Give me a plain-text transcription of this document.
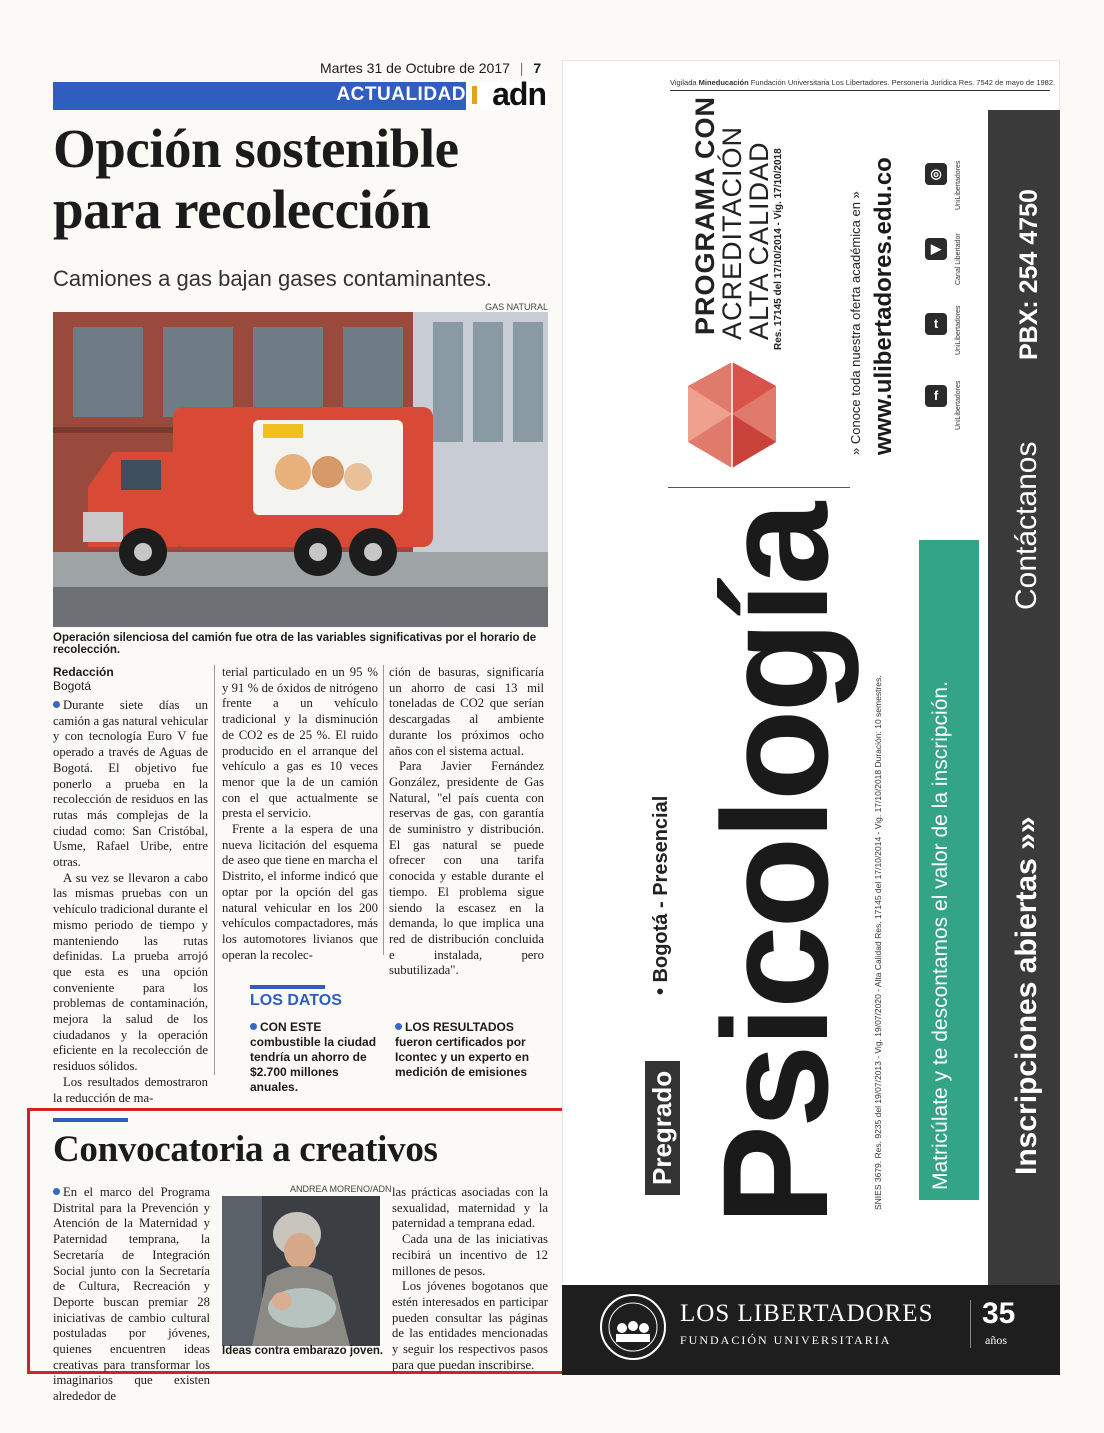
Martes 31 de Octubre de 2017 | 7
ACTUALIDAD adn
Opción sostenible
para recolección
Camiones a gas bajan gases contaminantes.
GAS NATURAL
Operación silenciosa del camión fue otra de las variables significativas por el horario de recolección.
Redacción
Bogotá

Durante siete días un camión a gas natural vehicular y con tecnología Euro V fue operado a través de Aguas de Bogotá. El objetivo fue ponerlo a prueba en la recolección de residuos en las rutas más complejas de la ciudad como: San Cristóbal, Usme, Rafael Uribe, entre otras.

A su vez se llevaron a cabo las mismas pruebas con un vehículo tradicional durante el mismo periodo de tiempo y manteniendo las rutas definidas. La prueba arrojó que esta es una opción conveniente para los problemas de contaminación, mejora la salud de los ciudadanos y la operación eficiente en la recolección de residuos sólidos.

Los resultados demostraron la reducción de ma-

terial particulado en un 95 % y 91 % de óxidos de nitrógeno frente a un vehículo tradicional y la disminución de CO2 es de 25 %. El ruido producido en el arranque del vehículo a gas es 10 veces menor que la de un camión con el que actualmente se presta el servicio.

Frente a la espera de una nueva licitación del esquema de aseo que tiene en marcha el Distrito, el informe indicó que optar por la opción del gas natural vehicular en los 200 vehículos compactadores, más los automotores livianos que operan la recolec-

ción de basuras, significaría un ahorro de casi 13 mil toneladas de CO2 que serían descargadas al ambiente durante los próximos ocho años con el sistema actual.

Para Javier Fernández González, presidente de Gas Natural, "el país cuenta con reservas de gas, con garantía de suministro y distribución. El gas natural se puede ofrecer con una tarifa conocida y estable durante el tiempo. El problema sigue siendo la escasez en la demanda, lo que implica una red de distribución concluida e instalada, pero subutilizada".

LOS DATOS
CON ESTE combustible la ciudad tendría un ahorro de $2.700 millones anuales.
LOS RESULTADOS fueron certificados por Icontec y un experto en medición de emisiones
Convocatoria a creativos

En el marco del Programa Distrital para la Prevención y Atención de la Maternidad y Paternidad temprana, la Secretaría de Integración Social junto con la Secretaría de Cultura, Recreación y Deporte buscan premiar 28 iniciativas de cambio cultural postuladas por jóvenes, quienes encuentren ideas creativas para transformar los imaginarios que existen alrededor de

ANDREA MORENO/ADN
Ideas contra embarazo joven.

las prácticas asociadas con la sexualidad, maternidad y la paternidad a temprana edad.

Cada una de las iniciativas recibirá un incentivo de 12 millones de pesos.

Los jóvenes bogotanos que estén interesados en participar pueden consultar las páginas de las entidades mencionadas y seguir los respectivos pasos para que puedan inscribirse.

Vigilada Mineducación Fundación Universitaria Los Libertadores. Personería Jurídica Res. 7542 de mayo de 1982.
PROGRAMA CON
ACREDITACIÓN
ALTA CALIDAD Res. 17145 del 17/10/2014 - Vig. 17/10/2018	» Conoce toda nuestra oferta académica en » www.ulibertadores.edu.co	f	UniLibertadores
t	UniLibertadores
▶	Canal Libertador
◎	UniLibertadores
Pregrado
• Bogotá - Presencial Psicología SNIES 3679. Res. 9235 del 19/07/2013 - Vig. 19/07/2020 - Alta Calidad Res. 17145 del 17/10/2014 - Vig. 17/10/2018 Duración: 10 semestres. Matricúlate y te descontamos el valor de la inscripción. Inscripciones abiertas »»
Contáctanos
PBX: 254 4750
LOS LIBERTADORES
FUNDACIÓN UNIVERSITARIA
35
años
